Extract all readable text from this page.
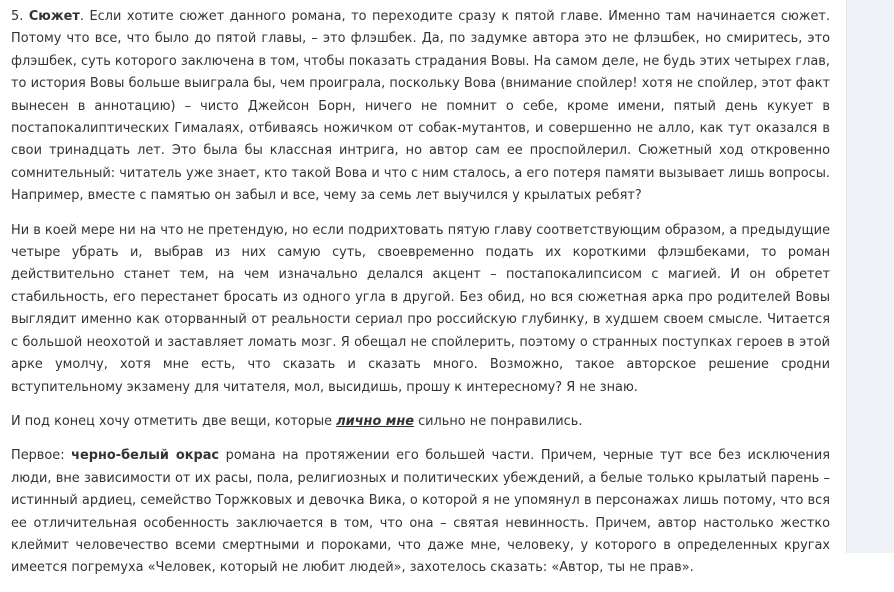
5. Сюжет. Если хотите сюжет данного романа, то переходите сразу к пятой главе. Именно там начинается сюжет. Потому что все, что было до пятой главы, – это флэшбек. Да, по задумке автора это не флэшбек, но смиритесь, это флэшбек, суть которого заключена в том, чтобы показать страдания Вовы. На самом деле, не будь этих четырех глав, то история Вовы больше выиграла бы, чем проиграла, поскольку Вова (внимание спойлер! хотя не спойлер, этот факт вынесен в аннотацию) – чисто Джейсон Борн, ничего не помнит о себе, кроме имени, пятый день кукует в постапокалиптических Гималаях, отбиваясь ножичком от собак-мутантов, и совершенно не алло, как тут оказался в свои тринадцать лет. Это была бы классная интрига, но автор сам ее проспойлерил. Сюжетный ход откровенно сомнительный: читатель уже знает, кто такой Вова и что с ним сталось, а его потеря памяти вызывает лишь вопросы. Например, вместе с памятью он забыл и все, чему за семь лет выучился у крылатых ребят?

Ни в коей мере ни на что не претендую, но если подрихтовать пятую главу соответствующим образом, а предыдущие четыре убрать и, выбрав из них самую суть, своевременно подать их короткими флэшбеками, то роман действительно станет тем, на чем изначально делался акцент – постапокалипсисом с магией. И он обретет стабильность, его перестанет бросать из одного угла в другой. Без обид, но вся сюжетная арка про родителей Вовы выглядит именно как оторванный от реальности сериал про российскую глубинку, в худшем своем смысле. Читается с большой неохотой и заставляет ломать мозг. Я обещал не спойлерить, поэтому о странных поступках героев в этой арке умолчу, хотя мне есть, что сказать и сказать много. Возможно, такое авторское решение сродни вступительному экзамену для читателя, мол, высидишь, прошу к интересному? Я не знаю.

И под конец хочу отметить две вещи, которые лично мне сильно не понравились.

Первое: черно-белый окрас романа на протяжении его большей части. Причем, черные тут все без исключения люди, вне зависимости от их расы, пола, религиозных и политических убеждений, а белые только крылатый парень – истинный ардиец, семейство Торжковых и девочка Вика, о которой я не упомянул в персонажах лишь потому, что вся ее отличительная особенность заключается в том, что она – святая невинность. Причем, автор настолько жестко клеймит человечество всеми смертными и пороками, что даже мне, человеку, у которого в определенных кругах имеется погремуха «Человек, который не любит людей», захотелось сказать: «Автор, ты не прав».
